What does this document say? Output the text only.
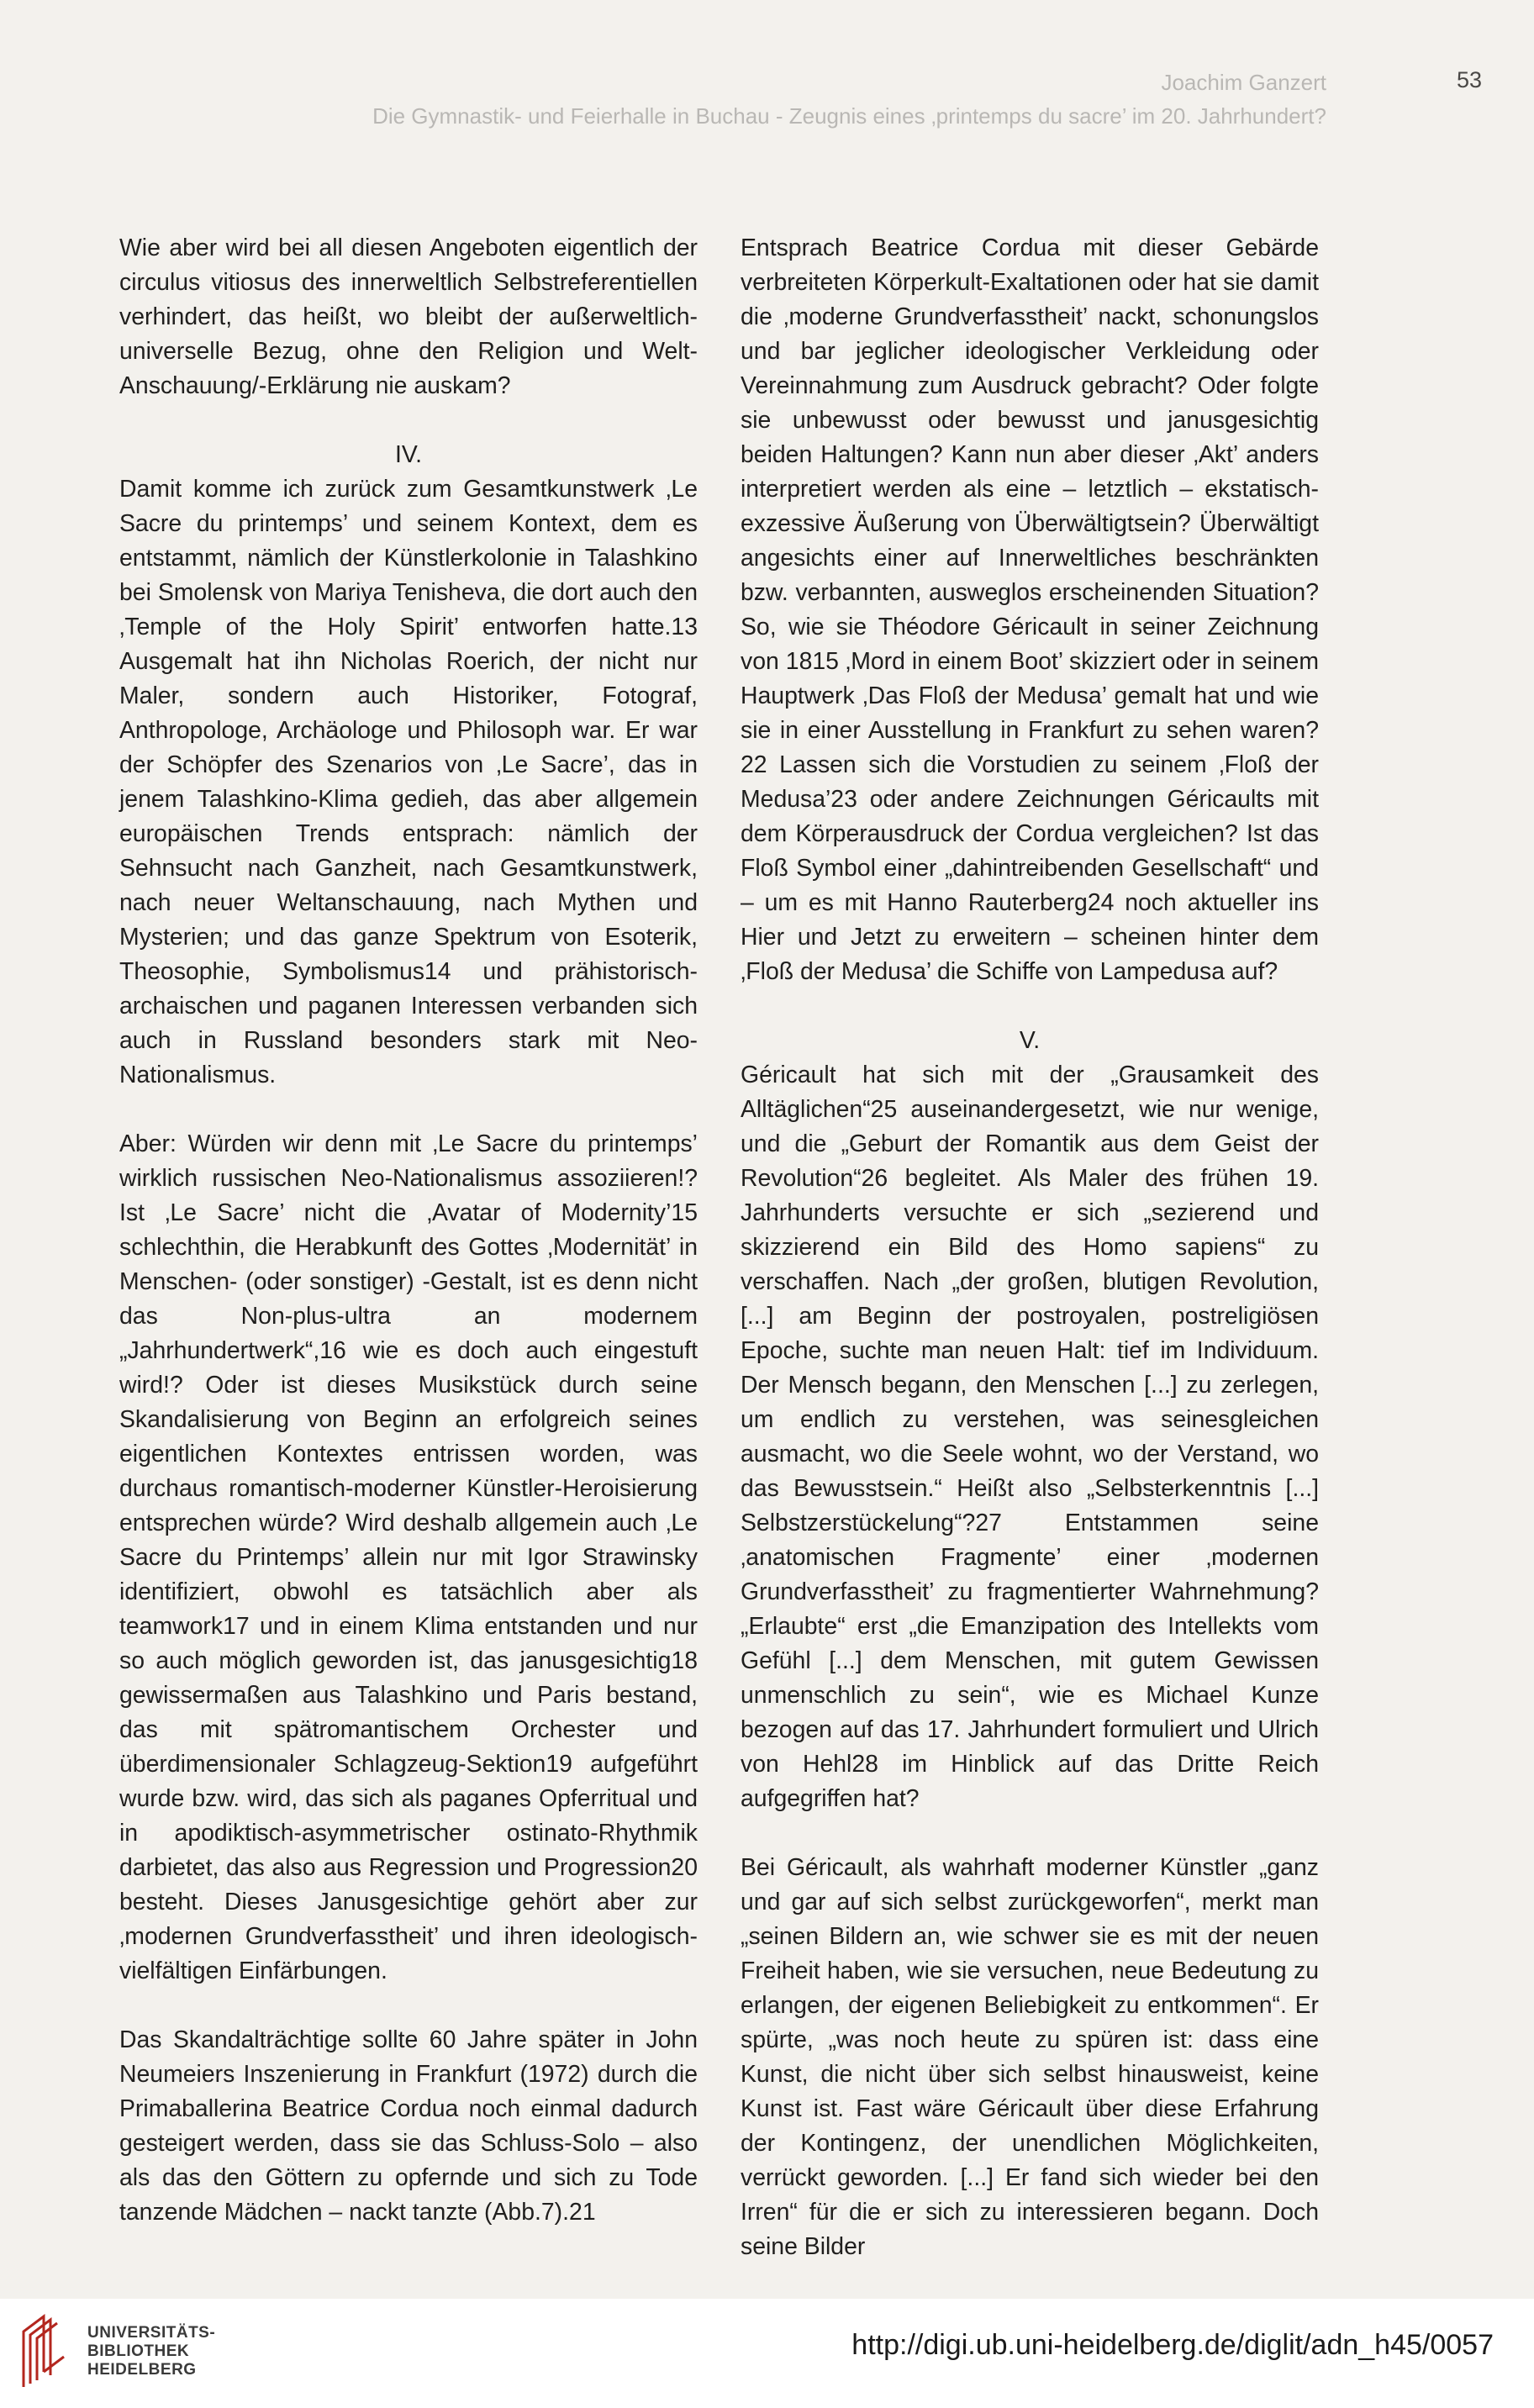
Joachim Ganzert
Die Gymnastik- und Feierhalle in Buchau - Zeugnis eines ‚printemps du sacre’ im 20. Jahrhundert?
53

Wie aber wird bei all diesen Angeboten eigentlich der circulus vitiosus des innerweltlich Selbstreferentiellen verhindert, das heißt, wo bleibt der außerweltlich-universelle Bezug, ohne den Religion und Welt-Anschauung/-Erklärung nie auskam?

IV.

Damit komme ich zurück zum Gesamtkunstwerk ‚Le Sacre du printemps’ und seinem Kontext, dem es entstammt, nämlich der Künstlerkolonie in Talashkino bei Smolensk von Mariya Tenisheva, die dort auch den ‚Temple of the Holy Spirit’ entworfen hatte.13 Ausgemalt hat ihn Nicholas Roerich, der nicht nur Maler, sondern auch Historiker, Fotograf, Anthropologe, Archäologe und Philosoph war. Er war der Schöpfer des Szenarios von ‚Le Sacre’, das in jenem Talashkino-Klima gedieh, das aber allgemein europäischen Trends entsprach: nämlich der Sehnsucht nach Ganzheit, nach Gesamtkunstwerk, nach neuer Weltanschauung, nach Mythen und Mysterien; und das ganze Spektrum von Esoterik, Theosophie, Symbolismus14 und prähistorisch-archaischen und paganen Interessen verbanden sich auch in Russland besonders stark mit Neo-Nationalismus.

Aber: Würden wir denn mit ‚Le Sacre du printemps’ wirklich russischen Neo-Nationalismus assoziieren!? Ist ‚Le Sacre’ nicht die ‚Avatar of Modernity’15 schlechthin, die Herabkunft des Gottes ‚Modernität’ in Menschen- (oder sonstiger) -Gestalt, ist es denn nicht das Non-plus-ultra an modernem „Jahrhundertwerk“,16 wie es doch auch eingestuft wird!? Oder ist dieses Musikstück durch seine Skandalisierung von Beginn an erfolgreich seines eigentlichen Kontextes entrissen worden, was durchaus romantisch-moderner Künstler-Heroisierung entsprechen würde? Wird deshalb allgemein auch ‚Le Sacre du Printemps’ allein nur mit Igor Strawinsky identifiziert, obwohl es tatsächlich aber als teamwork17 und in einem Klima entstanden und nur so auch möglich geworden ist, das janusgesichtig18 gewissermaßen aus Talashkino und Paris bestand, das mit spätromantischem Orchester und überdimensionaler Schlagzeug-Sektion19 aufgeführt wurde bzw. wird, das sich als paganes Opferritual und in apodiktisch-asymmetrischer ostinato-Rhythmik darbietet, das also aus Regression und Progression20 besteht. Dieses Janusgesichtige gehört aber zur ‚modernen Grundverfasstheit’ und ihren ideologisch-vielfältigen Einfärbungen.

Das Skandalträchtige sollte 60 Jahre später in John Neumeiers Inszenierung in Frankfurt (1972) durch die Primaballerina Beatrice Cordua noch einmal dadurch gesteigert werden, dass sie das Schluss-Solo – also als das den Göttern zu opfernde und sich zu Tode tanzende Mädchen – nackt tanzte (Abb.7).21

Entsprach Beatrice Cordua mit dieser Gebärde verbreiteten Körperkult-Exaltationen oder hat sie damit die ‚moderne Grundverfasstheit’ nackt, schonungslos und bar jeglicher ideologischer Verkleidung oder Vereinnahmung zum Ausdruck gebracht? Oder folgte sie unbewusst oder bewusst und janusgesichtig beiden Haltungen? Kann nun aber dieser ‚Akt’ anders interpretiert werden als eine – letztlich – ekstatisch-exzessive Äußerung von Überwältigtsein? Überwältigt angesichts einer auf Innerweltliches beschränkten bzw. verbannten, ausweglos erscheinenden Situation? So, wie sie Théodore Géricault in seiner Zeichnung von 1815 ‚Mord in einem Boot’ skizziert oder in seinem Hauptwerk ‚Das Floß der Medusa’ gemalt hat und wie sie in einer Ausstellung in Frankfurt zu sehen waren?22 Lassen sich die Vorstudien zu seinem ‚Floß der Medusa’23 oder andere Zeichnungen Géricaults mit dem Körperausdruck der Cordua vergleichen? Ist das Floß Symbol einer „dahintreibenden Gesellschaft“ und – um es mit Hanno Rauterberg24 noch aktueller ins Hier und Jetzt zu erweitern – scheinen hinter dem ‚Floß der Medusa’ die Schiffe von Lampedusa auf?

V.

Géricault hat sich mit der „Grausamkeit des Alltäglichen“25 auseinandergesetzt, wie nur wenige, und die „Geburt der Romantik aus dem Geist der Revolution“26 begleitet. Als Maler des frühen 19. Jahrhunderts versuchte er sich „sezierend und skizzierend ein Bild des Homo sapiens“ zu verschaffen. Nach „der großen, blutigen Revolution, [...] am Beginn der postroyalen, postreligiösen Epoche, suchte man neuen Halt: tief im Individuum. Der Mensch begann, den Menschen [...] zu zerlegen, um endlich zu verstehen, was seinesgleichen ausmacht, wo die Seele wohnt, wo der Verstand, wo das Bewusstsein.“ Heißt also „Selbsterkenntnis [...] Selbstzerstückelung“?27 Entstammen seine ‚anatomischen Fragmente’ einer ‚modernen Grundverfasstheit’ zu fragmentierter Wahrnehmung? „Erlaubte“ erst „die Emanzipation des Intellekts vom Gefühl [...] dem Menschen, mit gutem Gewissen unmenschlich zu sein“, wie es Michael Kunze bezogen auf das 17. Jahrhundert formuliert und Ulrich von Hehl28 im Hinblick auf das Dritte Reich aufgegriffen hat?

Bei Géricault, als wahrhaft moderner Künstler „ganz und gar auf sich selbst zurückgeworfen“, merkt man „seinen Bildern an, wie schwer sie es mit der neuen Freiheit haben, wie sie versuchen, neue Bedeutung zu erlangen, der eigenen Beliebigkeit zu entkommen“. Er spürte, „was noch heute zu spüren ist: dass eine Kunst, die nicht über sich selbst hinausweist, keine Kunst ist. Fast wäre Géricault über diese Erfahrung der Kontingenz, der unendlichen Möglichkeiten, verrückt geworden. [...] Er fand sich wieder bei den Irren“ für die er sich zu interessieren begann. Doch seine Bilder

UNIVERSITÄTS-
BIBLIOTHEK
HEIDELBERG
http://digi.ub.uni-heidelberg.de/diglit/adn_h45/0057
